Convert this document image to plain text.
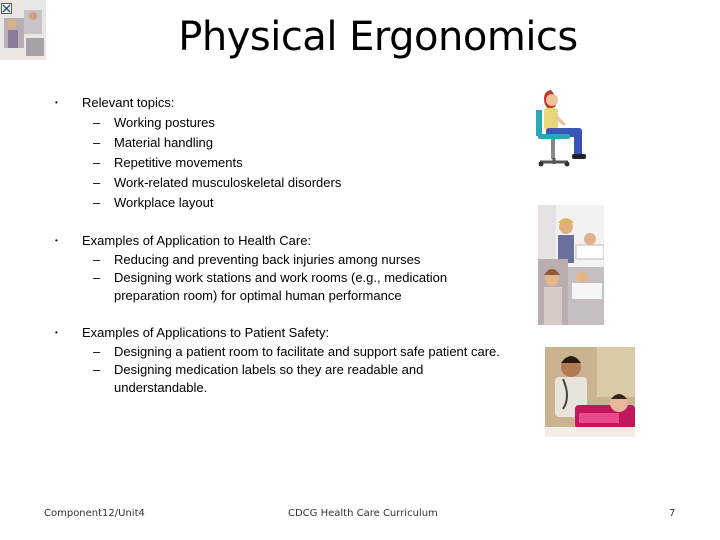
Physical Ergonomics
• Relevant topics:
– Working postures
– Material handling
– Repetitive movements
– Work-related musculoskeletal disorders
– Workplace layout
• Examples of Application to Health Care:
– Reducing and preventing back injuries among nurses
– Designing work stations and work rooms (e.g., medication preparation room) for optimal human performance
• Examples of Applications to Patient Safety:
– Designing a patient room to facilitate and support safe patient care.
– Designing medication labels so they are readable and understandable.
Component12/Unit4	CDCG Health Care Curriculum	7
